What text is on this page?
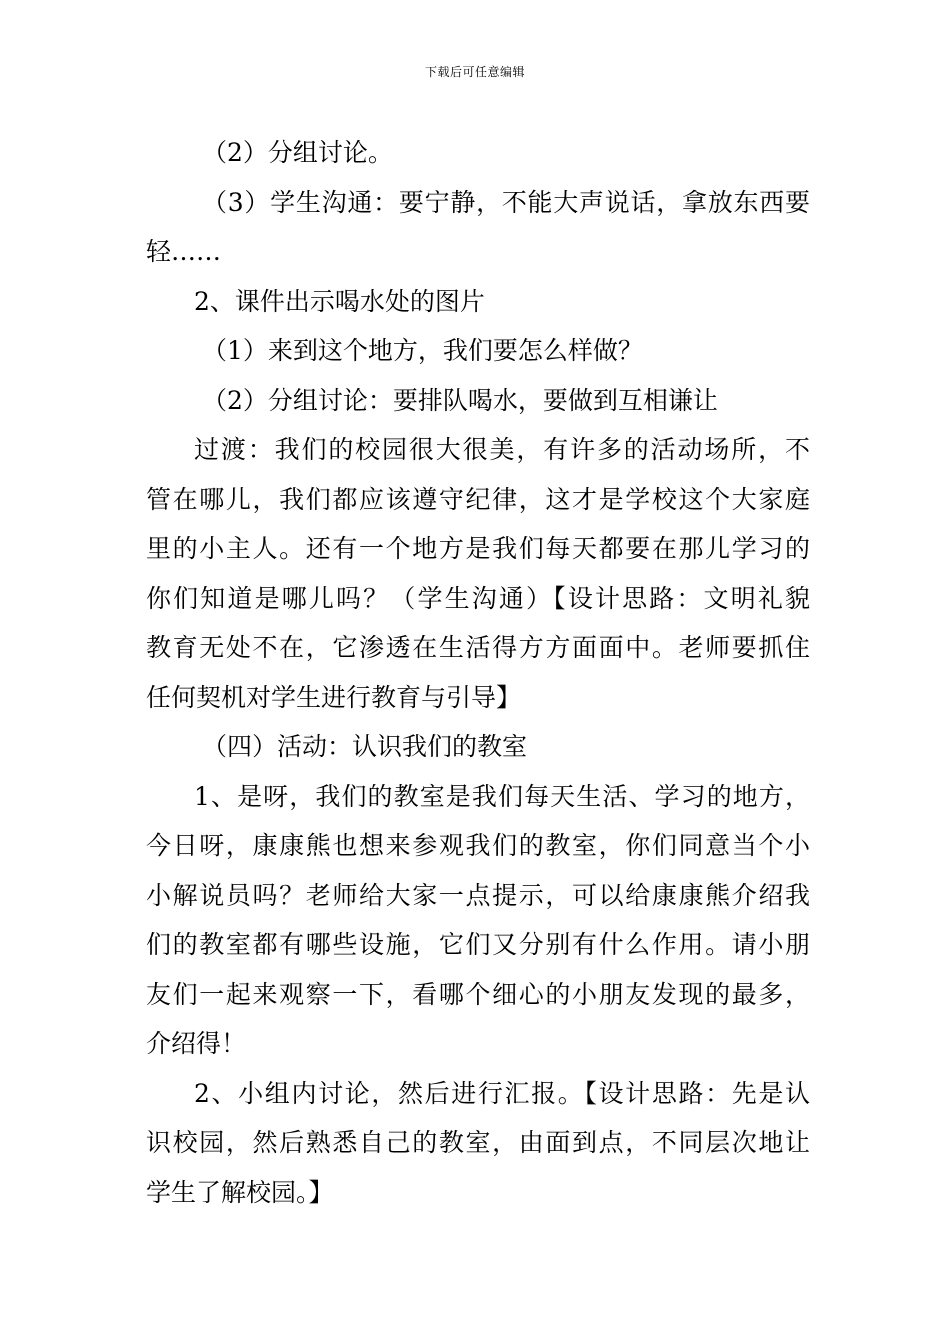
下载后可任意编辑
（2）分组讨论。
（3）学生沟通：要宁静，不能大声说话，拿放东西要
轻……
2、课件出示喝水处的图片
（1）来到这个地方，我们要怎么样做？
（2）分组讨论：要排队喝水，要做到互相谦让
过渡：我们的校园很大很美，有许多的活动场所，不
管在哪儿，我们都应该遵守纪律，这才是学校这个大家庭
里的小主人。还有一个地方是我们每天都要在那儿学习的
你们知道是哪儿吗？（学生沟通）【设计思路：文明礼貌
教育无处不在，它渗透在生活得方方面面中。老师要抓住
任何契机对学生进行教育与引导】
（四）活动：认识我们的教室
1、是呀，我们的教室是我们每天生活、学习的地方，
今日呀，康康熊也想来参观我们的教室，你们同意当个小
小解说员吗？老师给大家一点提示，可以给康康熊介绍我
们的教室都有哪些设施，它们又分别有什么作用。请小朋
友们一起来观察一下，看哪个细心的小朋友发现的最多，
介绍得！
2、小组内讨论，然后进行汇报。【设计思路：先是认
识校园，然后熟悉自己的教室，由面到点，不同层次地让
学生了解校园。】
